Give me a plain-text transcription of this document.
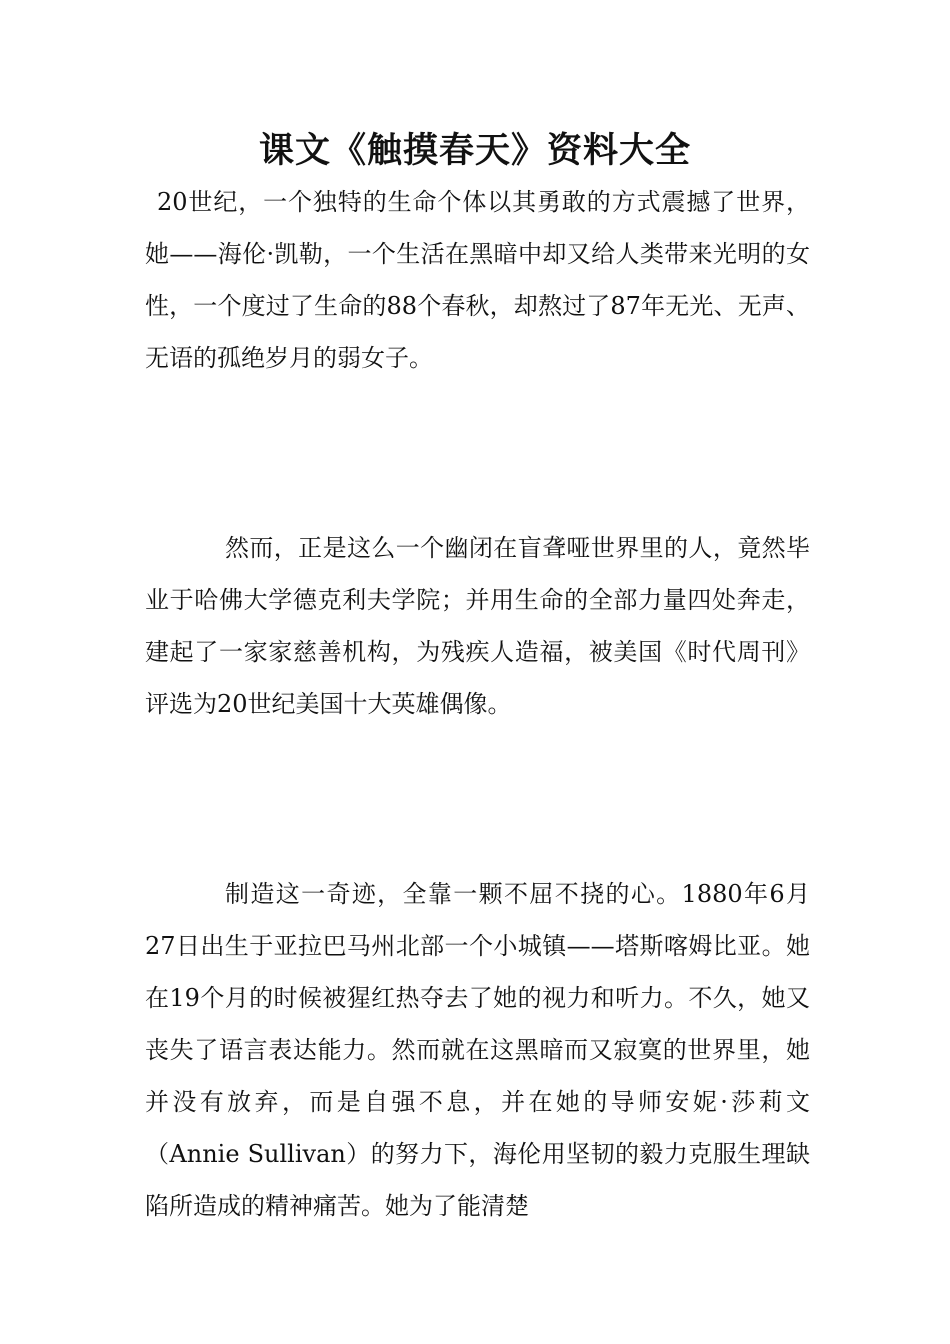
课文《触摸春天》资料大全

20世纪，一个独特的生命个体以其勇敢的方式震撼了世界，她——海伦·凯勒，一个生活在黑暗中却又给人类带来光明的女性，一个度过了生命的88个春秋，却熬过了87年无光、无声、无语的孤绝岁月的弱女子。

然而，正是这么一个幽闭在盲聋哑世界里的人，竟然毕业于哈佛大学德克利夫学院；并用生命的全部力量四处奔走，建起了一家家慈善机构，为残疾人造福，被美国《时代周刊》评选为20世纪美国十大英雄偶像。

制造这一奇迹，全靠一颗不屈不挠的心。1880年6月27日出生于亚拉巴马州北部一个小城镇——塔斯喀姆比亚。她在19个月的时候被猩红热夺去了她的视力和听力。不久，她又丧失了语言表达能力。然而就在这黑暗而又寂寞的世界里，她并没有放弃，而是自强不息，并在她的导师安妮·莎莉文（Annie Sullivan）的努力下，海伦用坚韧的毅力克服生理缺陷所造成的精神痛苦。她为了能清楚
